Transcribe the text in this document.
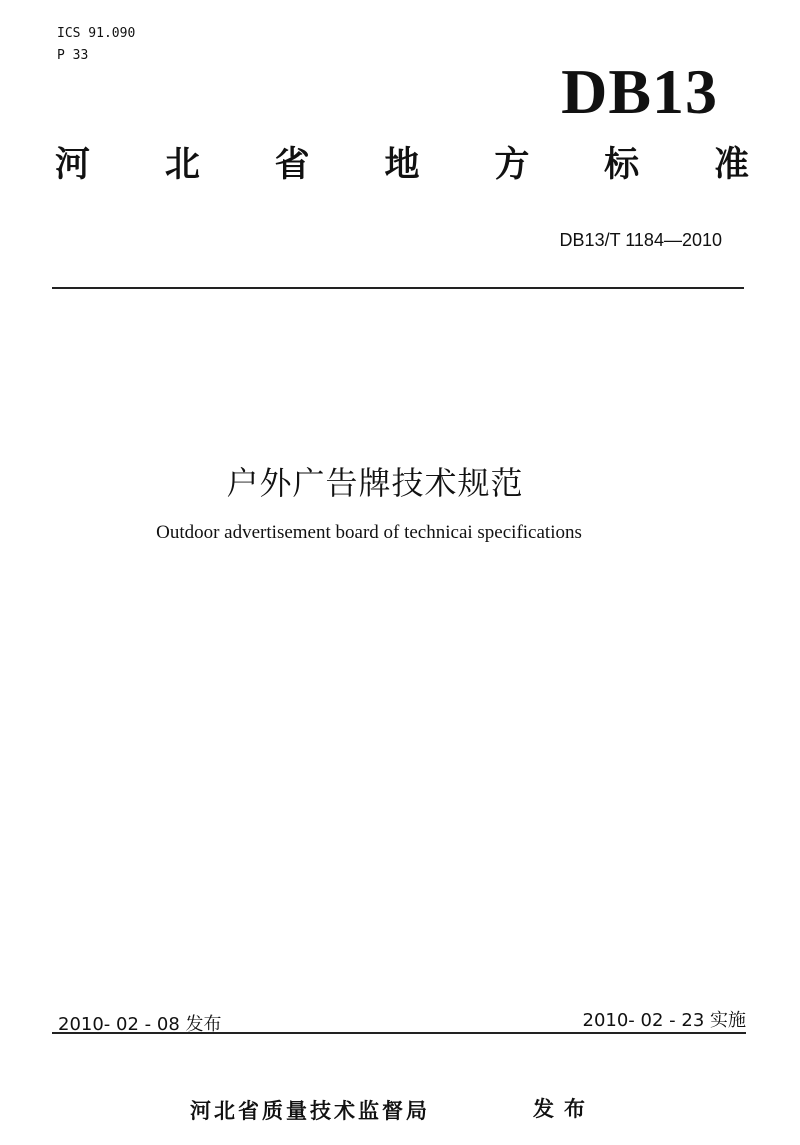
ICS 91.090
P 33
DB13
河 北 省 地 方 标 准
DB13/T 1184—2010
户外广告牌技术规范
Outdoor advertisement board of technicai specifications
2010- 02 - 08 发布	2010- 02 - 23 实施
河北省质量技术监督局	发布
